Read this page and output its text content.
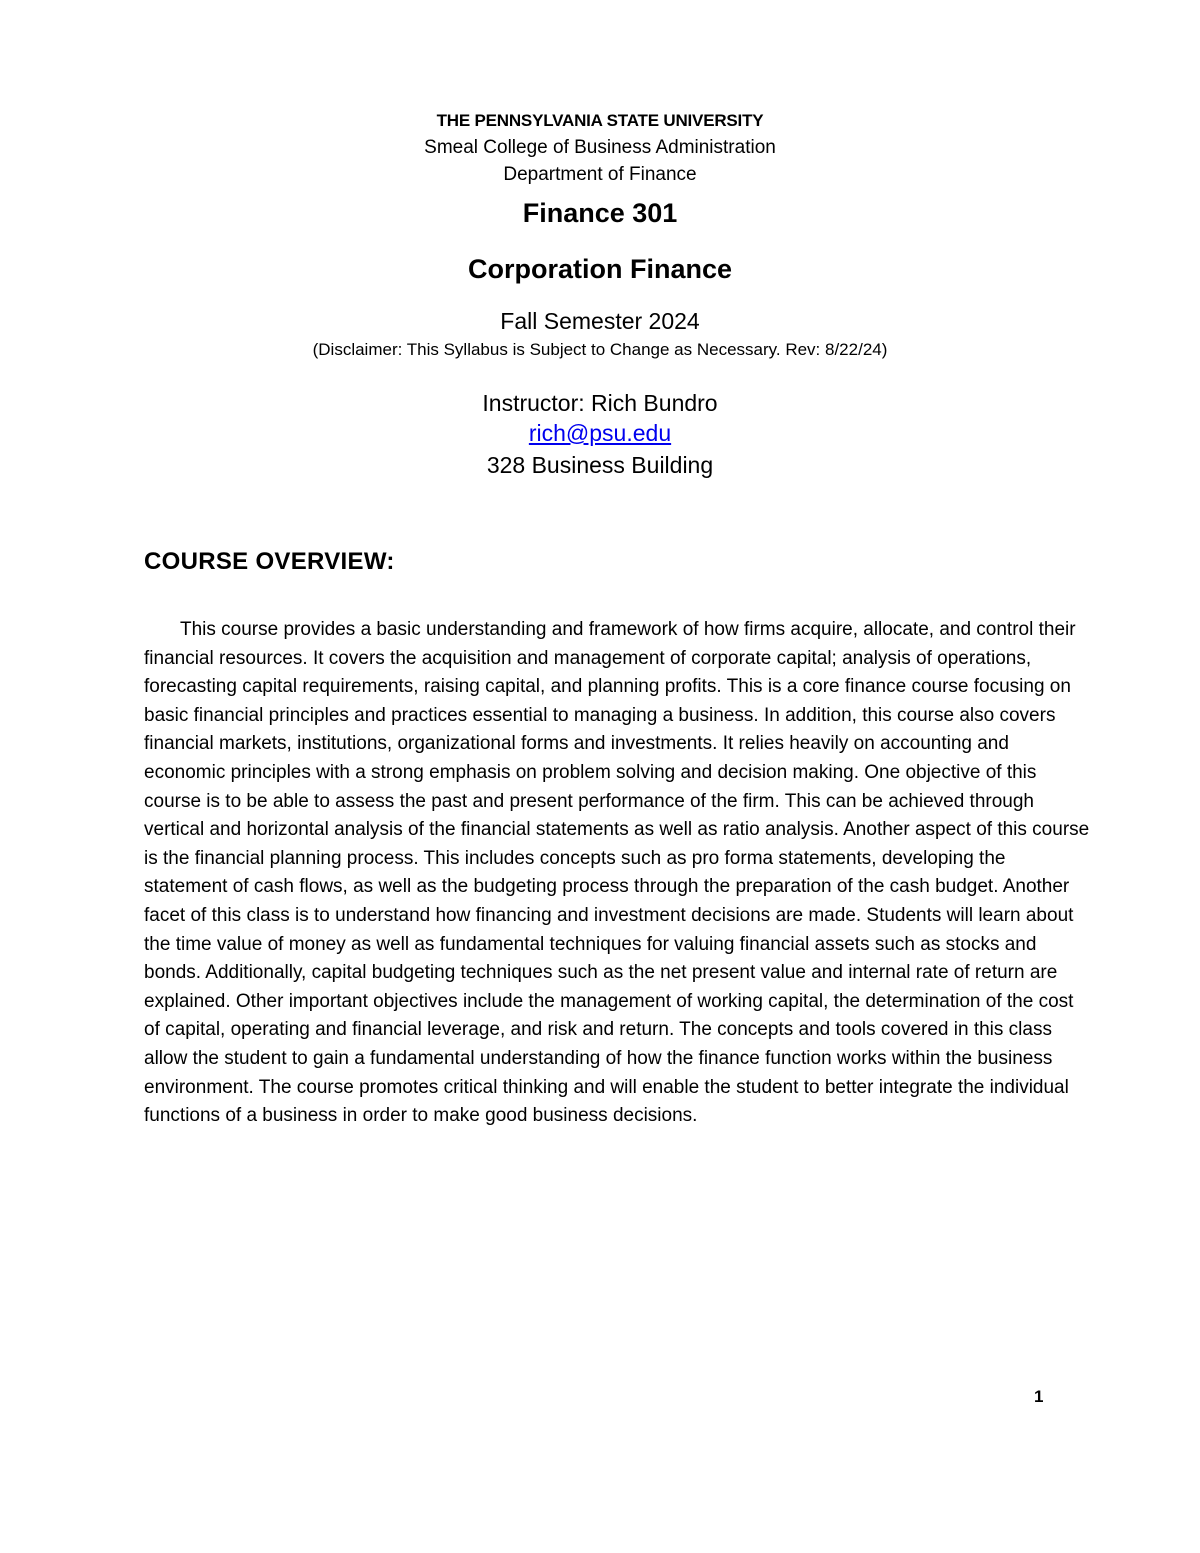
THE PENNSYLVANIA STATE UNIVERSITY
Smeal College of Business Administration
Department of Finance
Finance 301
Corporation Finance
Fall Semester 2024
(Disclaimer: This Syllabus is Subject to Change as Necessary. Rev: 8/22/24)
Instructor: Rich Bundro
rich@psu.edu
328 Business Building
COURSE OVERVIEW:

This course provides a basic understanding and framework of how firms acquire, allocate, and control their financial resources. It covers the acquisition and management of corporate capital; analysis of operations, forecasting capital requirements, raising capital, and planning profits. This is a core finance course focusing on basic financial principles and practices essential to managing a business. In addition, this course also covers financial markets, institutions, organizational forms and investments. It relies heavily on accounting and economic principles with a strong emphasis on problem solving and decision making. One objective of this course is to be able to assess the past and present performance of the firm. This can be achieved through vertical and horizontal analysis of the financial statements as well as ratio analysis. Another aspect of this course is the financial planning process. This includes concepts such as pro forma statements, developing the statement of cash flows, as well as the budgeting process through the preparation of the cash budget. Another facet of this class is to understand how financing and investment decisions are made. Students will learn about the time value of money as well as fundamental techniques for valuing financial assets such as stocks and bonds. Additionally, capital budgeting techniques such as the net present value and internal rate of return are explained. Other important objectives include the management of working capital, the determination of the cost of capital, operating and financial leverage, and risk and return. The concepts and tools covered in this class allow the student to gain a fundamental understanding of how the finance function works within the business environment. The course promotes critical thinking and will enable the student to better integrate the individual functions of a business in order to make good business decisions.

1
